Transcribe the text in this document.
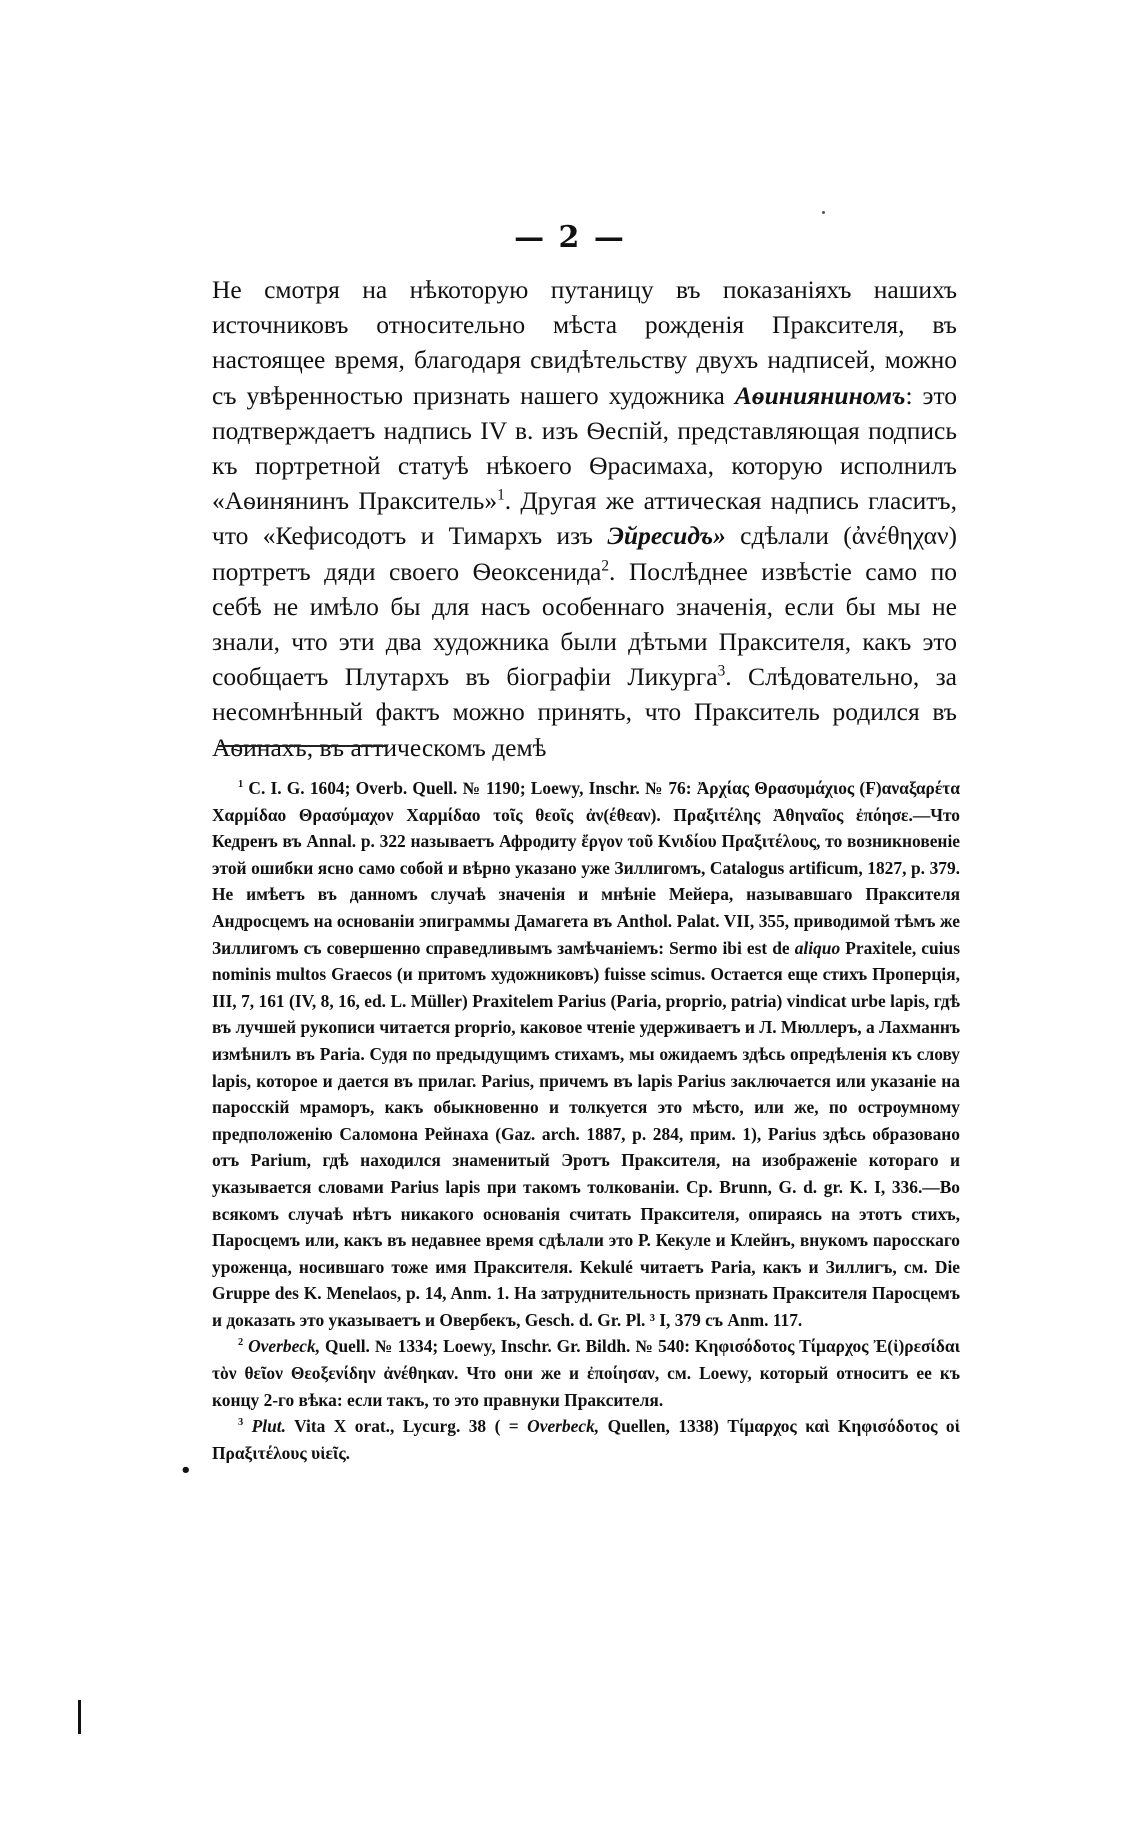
— 2 —

Не смотря на нѣкоторую путаницу въ показаніяхъ нашихъ источниковъ относительно мѣста рожденія Праксителя, въ настоящее время, благодаря свидѣтельству двухъ надписей, можно съ увѣренностью признать нашего художника Аѳинияниномъ: это подтверждаетъ надпись IV в. изъ Ѳеспій, представляющая подпись къ портретной статуѣ нѣкоего Ѳрасимаха, которую исполнилъ «Аѳинянинъ Пракситель»$^1$. Другая же аттическая надпись гласитъ, что «Кефисодотъ и Тимархъ изъ Эйресидъ» сдѣлали (ἀνέθηχαν) портретъ дяди своего Ѳеоксенида$^2$. Послѣднее извѣстіе само по себѣ не имѣло бы для насъ особеннаго значенія, если бы мы не знали, что эти два художника были дѣтьми Праксителя, какъ это сообщаетъ Плутархъ въ біографіи Ликурга$^3$. Слѣдовательно, за несомнѣнный фактъ можно принять, что Пракситель родился въ Аѳинахъ, въ аттическомъ демѣ

$^1$ C. I. G. 1604; Overb. Quell. № 1190; Loewy, Inschr. № 76: Ἀρχίας Θρασυμάχιος (F)αναξαρέτα Χαρμίδαο Θρασύμαχον Χαρμίδαο τοῖς θεοῖς ἀν(έθεαν). Πραξιτέλης Ἀθηναῖος ἐπόησε.—Что Кедренъ въ Annal. p. 322 называетъ Афродиту ἔργον τοῦ Κνιδίου Πραξιτέλους, то возникновеніе этой ошибки ясно само собой и вѣрно указано уже Зиллигомъ, Catalogus artificum, 1827, p. 379. Не имѣетъ въ данномъ случаѣ значенія и мнѣніе Мейера, называвшаго Праксителя Андросцемъ на основаніи эпиграммы Дамагета въ Anthol. Palat. VII, 355, приводимой тѣмъ же Зиллигомъ съ совершенно справедливымъ замѣчаніемъ: Sermo ibi est de aliquo Praxitele, cuius nominis multos Graecos (и притомъ художниковъ) fuisse scimus. Остается еще стихъ Проперція, III, 7, 161 (IV, 8, 16, ed. L. Müller) Praxitelem Parius (Paria, proprio, patria) vindicat urbe lapis, гдѣ въ лучшей рукописи читается proprio, каковое чтеніе удерживаетъ и Л. Мюллеръ, а Лахманнъ измѣнилъ въ Paria. Судя по предыдущимъ стихамъ, мы ожидаемъ здѣсь опредѣленія къ слову lapis, которое и дается въ прилаг. Parius, причемъ въ lapis Parius заключается или указаніе на паросскій мраморъ, какъ обыкновенно и толкуется это мѣсто, или же, по остроумному предположенію Саломона Рейнаха (Gaz. arch. 1887, p. 284, прим. 1), Parius здѣсь образовано отъ Parium, гдѣ находился знаменитый Эротъ Праксителя, на изображеніе котораго и указывается словами Parius lapis при такомъ толкованіи. Cp. Brunn, G. d. gr. K. I, 336.—Во всякомъ случаѣ нѣтъ никакого основанія считать Праксителя, опираясь на этотъ стихъ, Паросцемъ или, какъ въ недавнее время сдѣлали это Р. Кекуле и Клейнъ, внукомъ паросскаго уроженца, носившаго тоже имя Праксителя. Kekulé читаетъ Paria, какъ и Зиллигъ, см. Die Gruppe des K. Menelaos, p. 14, Anm. 1. На затруднительность признать Праксителя Паросцемъ и доказать это указываетъ и Овербекъ, Gesch. d. Gr. Pl. ³ I, 379 съ Anm. 117.

$^2$ Overbeck, Quell. № 1334; Loewy, Inschr. Gr. Bildh. № 540: Κηφισόδοτος Τίμαρχος Ἐ(ἰ)ρεσίδαι τὸν θεῖον Θεοξενίδην ἀνέθηκαν. Что они же и ἐποίησαν, см. Loewy, который относитъ ее къ концу 2-го вѣка: если такъ, то это правнуки Праксителя.

$^3$ Plut. Vita X orat., Lycurg. 38 ( = Overbeck, Quellen, 1338) Τίμαρχος καὶ Κηφισόδοτος οἱ Πραξιτέλους υἱεῖς.

•
